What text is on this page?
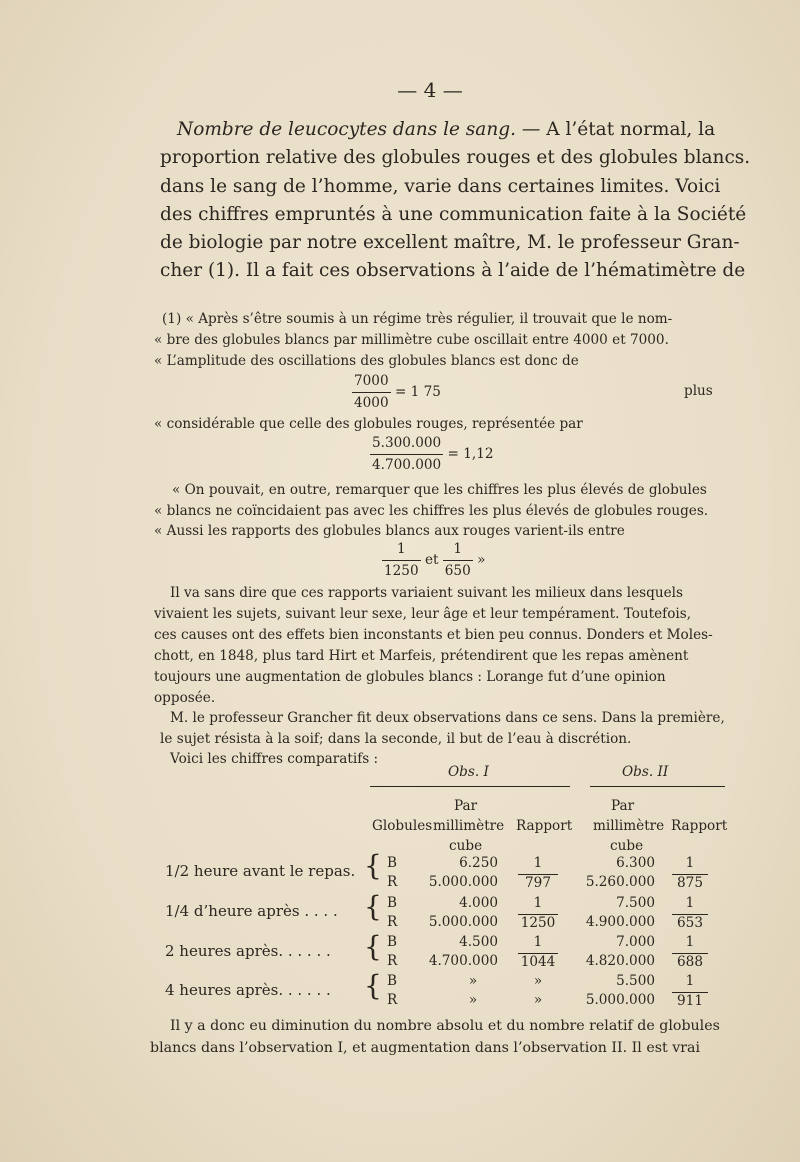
— 4 —
Nombre de leucocytes dans le sang. — A l’état normal, la
proportion relative des globules rouges et des globules blancs.
dans le sang de l’homme, varie dans certaines limites. Voici
des chiffres empruntés à une communication faite à la Société
de biologie par notre excellent maître, M. le professeur Gran-
cher (1). Il a fait ces observations à l’aide de l’hématimètre de
(1) « Après s’être soumis à un régime très régulier, il trouvait que le nom-
« bre des globules blancs par millimètre cube oscillait entre 4000 et 7000.
« L’amplitude des oscillations des globules blancs est donc de
$\frac{7000}{4000} = 1$ 75	plus
« considérable que celle des globules rouges, représentée par
$\frac{5.300.000}{4.700.000} = 1,12$
« On pouvait, en outre, remarquer que les chiffres les plus élevés de globules
« blancs ne coïncidaient pas avec les chiffres les plus élevés de globules rouges.
« Aussi les rapports des globules blancs aux rouges varient-ils entre
$\frac{1}{1250}$ et $\frac{1}{650}$ »
Il va sans dire que ces rapports variaient suivant les milieux dans lesquels
vivaient les sujets, suivant leur sexe, leur âge et leur tempérament. Toutefois,
ces causes ont des effets bien inconstants et bien peu connus. Donders et Moles-
chott, en 1848, plus tard Hirt et Marfeis, prétendirent que les repas amènent
toujours une augmentation de globules blancs : Lorange fut d’une opinion
opposée.
M. le professeur Grancher fit deux observations dans ce sens. Dans la première,
le sujet résista à la soif; dans la seconde, il but de l’eau à discrétion.
Voici les chiffres comparatifs :
Obs. I	Obs. II
Par
Globules millimètre
cube
Rapport
Par
millimètre
cube
Rapport
1/2 heure avant le repas. { B
R
6.250
5.000.000
1
797
6.300
5.260.000
1
875
1/4 d’heure après . . . . { B
R
4.000
5.000.000
1
1250
7.500
4.900.000
1
653
2 heures après. . . . . . { B
R
4.500
4.700.000
1
1044
7.000
4.820.000
1
688
4 heures après. . . . . . { B
R
»
»
»
»
5.500
5.000.000
1
911
Il y a donc eu diminution du nombre absolu et du nombre relatif de globules
blancs dans l’observation I, et augmentation dans l’observation II. Il est vrai
